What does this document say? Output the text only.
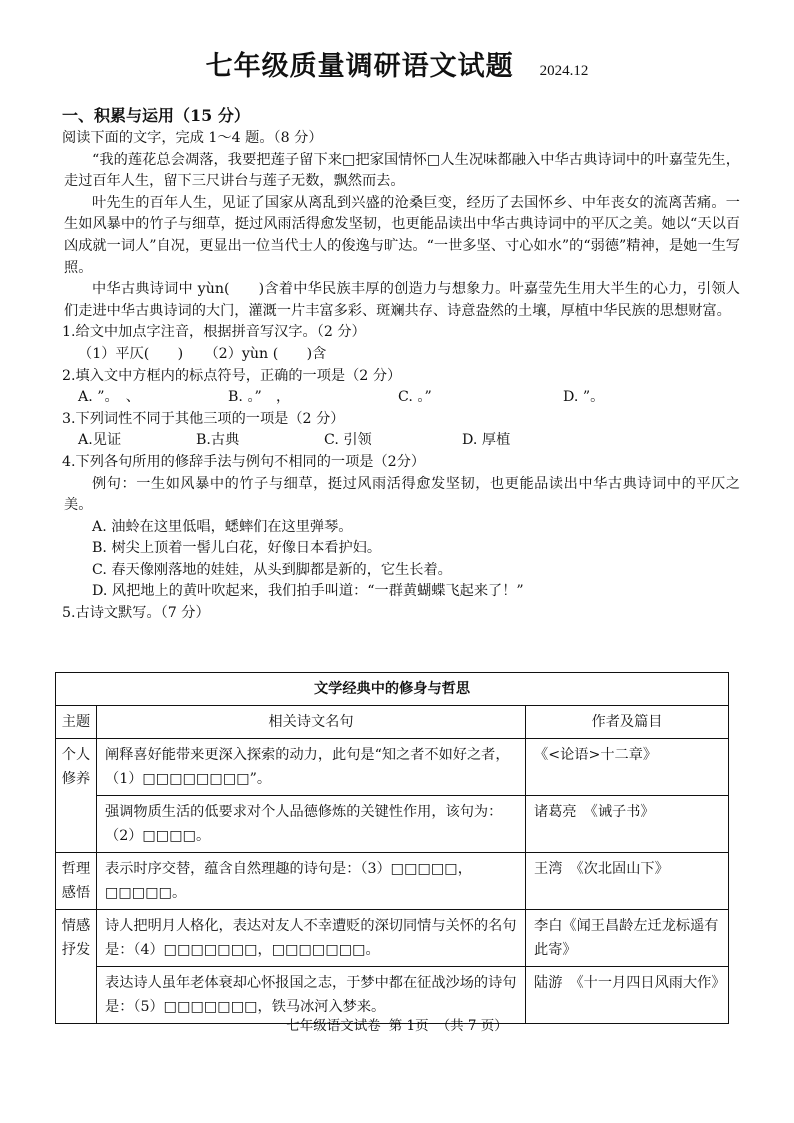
七年级质量调研语文试题 2024.12

一、积累与运用（15 分）

阅读下面的文字，完成 1～4 题。（8 分）

“我的莲花总会凋落，我要把莲子留下来□把家国情怀□人生况味都融入中华古典诗词中的叶嘉莹先生，走过百年人生，留下三尺讲台与莲子无数，飘然而去。

叶先生的百年人生，见证了国家从离乱到兴盛的沧桑巨变，经历了去国怀乡、中年丧女的流离苦痛。一生如风暴中的竹子与细草，挺过风雨活得愈发坚韧，也更能品读出中华古典诗词中的平仄之美。她以“天以百凶成就一词人”自况，更显出一位当代士人的俊逸与旷达。“一世多坚、寸心如水”的“弱德”精神，是她一生写照。

中华古典诗词中 yùn(　　)含着中华民族丰厚的创造力与想象力。叶嘉莹先生用大半生的心力，引领人们走进中华古典诗词的大门，灌溉一片丰富多彩、斑斓共存、诗意盎然的土壤，厚植中华民族的思想财富。

1.给文中加点字注音，根据拼音写汉字。（2 分）

（1）平仄(　　)　　（2）yùn (　　)含

2.填入文中方框内的标点符号，正确的一项是（2 分）

A. ”。　、	B. 。”　，	C. 。”	D. ”。

3.下列词性不同于其他三项的一项是（2 分）

A.见证	B.古典	C. 引领	D. 厚植

4.下列各句所用的修辞手法与例句不相同的一项是（2分）

例句：一生如风暴中的竹子与细草，挺过风雨活得愈发坚韧，也更能品读出中华古典诗词中的平仄之美。

A. 油蛉在这里低唱，蟋蟀们在这里弹琴。

B. 树尖上顶着一髻儿白花，好像日本看护妇。

C. 春天像刚落地的娃娃，从头到脚都是新的，它生长着。

D. 风把地上的黄叶吹起来，我们拍手叫道：“一群黄蝴蝶飞起来了！”

5.古诗文默写。（7 分）

文学经典中的修身与哲思		
主题	相关诗文名句	作者及篇目
个人修养	阐释喜好能带来更深入探索的动力，此句是“知之者不如好之者，（1）□□□□□□□□”。	《<论语>十二章》
	强调物质生活的低要求对个人品德修炼的关键性作用，该句为：（2）□□□□。	诸葛亮　《诫子书》
哲理感悟	表示时序交替，蕴含自然理趣的诗句是：（3）□□□□□，□□□□□。	王湾　《次北固山下》
情感抒发	诗人把明月人格化，表达对友人不幸遭贬的深切同情与关怀的名句是：（4）□□□□□□□，□□□□□□□。	李白《闻王昌龄左迁龙标遥有此寄》
	表达诗人虽年老体衰却心怀报国之志，于梦中都在征战沙场的诗句是：（5）□□□□□□□，铁马冰河入梦来。	陆游　《十一月四日风雨大作》
七年级语文试卷 第 1页 （共 7 页）
